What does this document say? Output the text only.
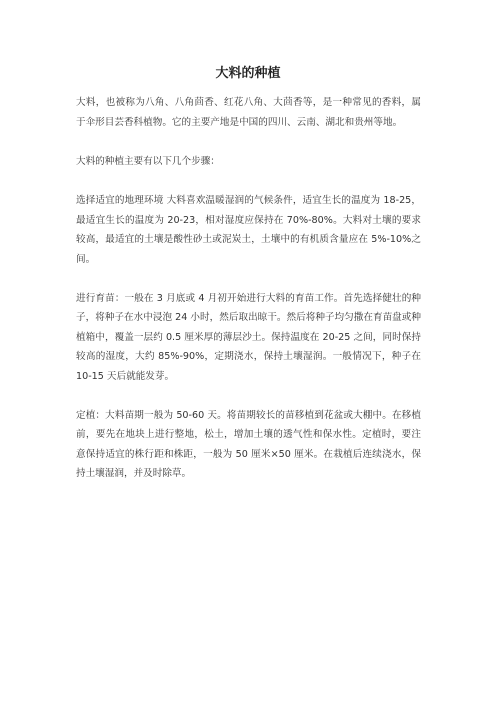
大料的种植

大料，也被称为八角、八角茴香、红花八角、大茴香等，是一种常见的香料，属于伞形目芸香科植物。它的主要产地是中国的四川、云南、湖北和贵州等地。

大料的种植主要有以下几个步骤：

选择适宜的地理环境 大料喜欢温暖湿润的气候条件，适宜生长的温度为 18-25，最适宜生长的温度为 20-23，相对湿度应保持在 70%-80%。大料对土壤的要求较高，最适宜的土壤是酸性砂土或泥炭土，土壤中的有机质含量应在 5%-10%之间。

进行育苗：一般在 3 月底或 4 月初开始进行大料的育苗工作。首先选择健壮的种子，将种子在水中浸泡 24 小时，然后取出晾干。然后将种子均匀撒在育苗盘或种植箱中，覆盖一层约 0.5 厘米厚的薄层沙土。保持温度在 20-25 之间，同时保持较高的湿度，大约 85%-90%，定期浇水，保持土壤湿润。一般情况下，种子在 10-15 天后就能发芽。

定植：大料苗期一般为 50-60 天。将苗期较长的苗移植到花盆或大棚中。在移植前，要先在地块上进行整地，松土，增加土壤的透气性和保水性。定植时，要注意保持适宜的株行距和株距，一般为 50 厘米×50 厘米。在栽植后连续浇水，保持土壤湿润，并及时除草。
